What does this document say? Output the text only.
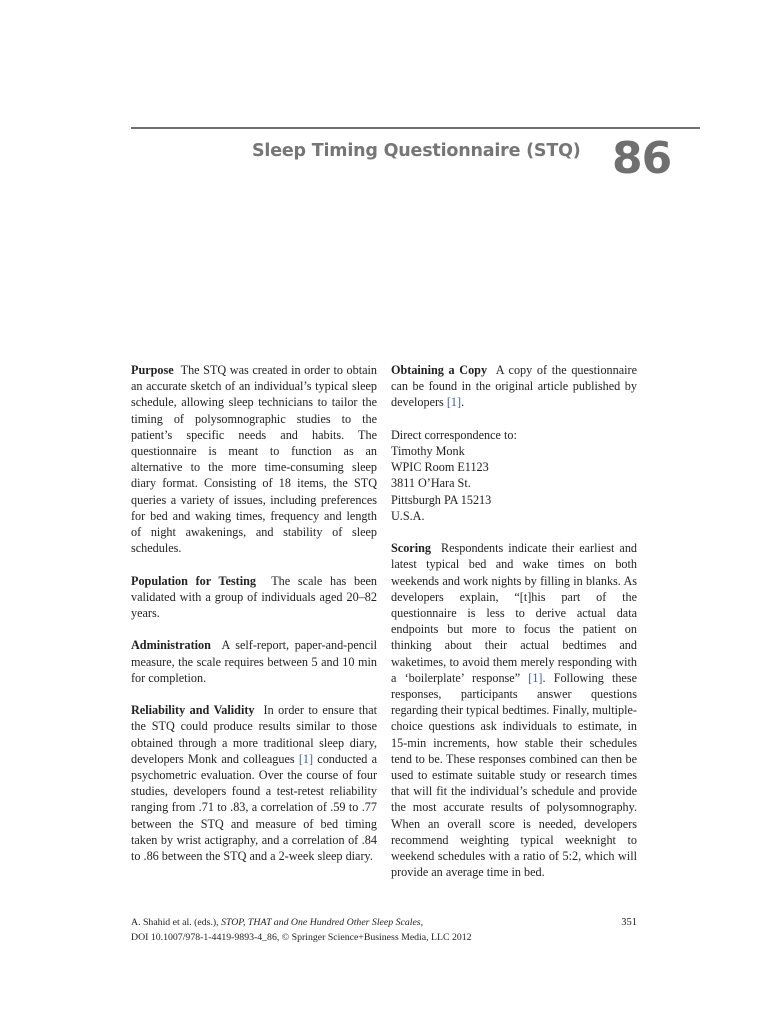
Sleep Timing Questionnaire (STQ) 86

Purpose The STQ was created in order to obtain an accurate sketch of an individual’s typical sleep schedule, allowing sleep technicians to tailor the timing of polysomnographic studies to the patient’s specific needs and habits. The questionnaire is meant to function as an alternative to the more time-consuming sleep diary format. Consisting of 18 items, the STQ queries a variety of issues, including preferences for bed and waking times, frequency and length of night awakenings, and stability of sleep schedules.

Population for Testing The scale has been validated with a group of individuals aged 20–82 years.

Administration A self-report, paper-and-pencil measure, the scale requires between 5 and 10 min for completion.

Reliability and Validity In order to ensure that the STQ could produce results similar to those obtained through a more traditional sleep diary, developers Monk and colleagues [1] conducted a psychometric evaluation. Over the course of four studies, developers found a test-retest reliability ranging from .71 to .83, a correlation of .59 to .77 between the STQ and measure of bed timing taken by wrist actigraphy, and a correlation of .84 to .86 between the STQ and a 2-week sleep diary.

Obtaining a Copy A copy of the questionnaire can be found in the original article published by developers [1].

Direct correspondence to:
Timothy Monk
WPIC Room E1123
3811 O’Hara St.
Pittsburgh PA 15213
U.S.A.

Scoring Respondents indicate their earliest and latest typical bed and wake times on both weekends and work nights by filling in blanks. As developers explain, “[t]his part of the questionnaire is less to derive actual data endpoints but more to focus the patient on thinking about their actual bedtimes and waketimes, to avoid them merely responding with a ‘boilerplate’ response” [1]. Following these responses, participants answer questions regarding their typical bedtimes. Finally, multiple-choice questions ask individuals to estimate, in 15-min increments, how stable their schedules tend to be. These responses combined can then be used to estimate suitable study or research times that will fit the individual’s schedule and provide the most accurate results of polysomnography. When an overall score is needed, developers recommend weighting typical weeknight to weekend schedules with a ratio of 5:2, which will provide an average time in bed.

A. Shahid et al. (eds.), STOP, THAT and One Hundred Other Sleep Scales,
DOI 10.1007/978-1-4419-9893-4_86, © Springer Science+Business Media, LLC 2012
351
